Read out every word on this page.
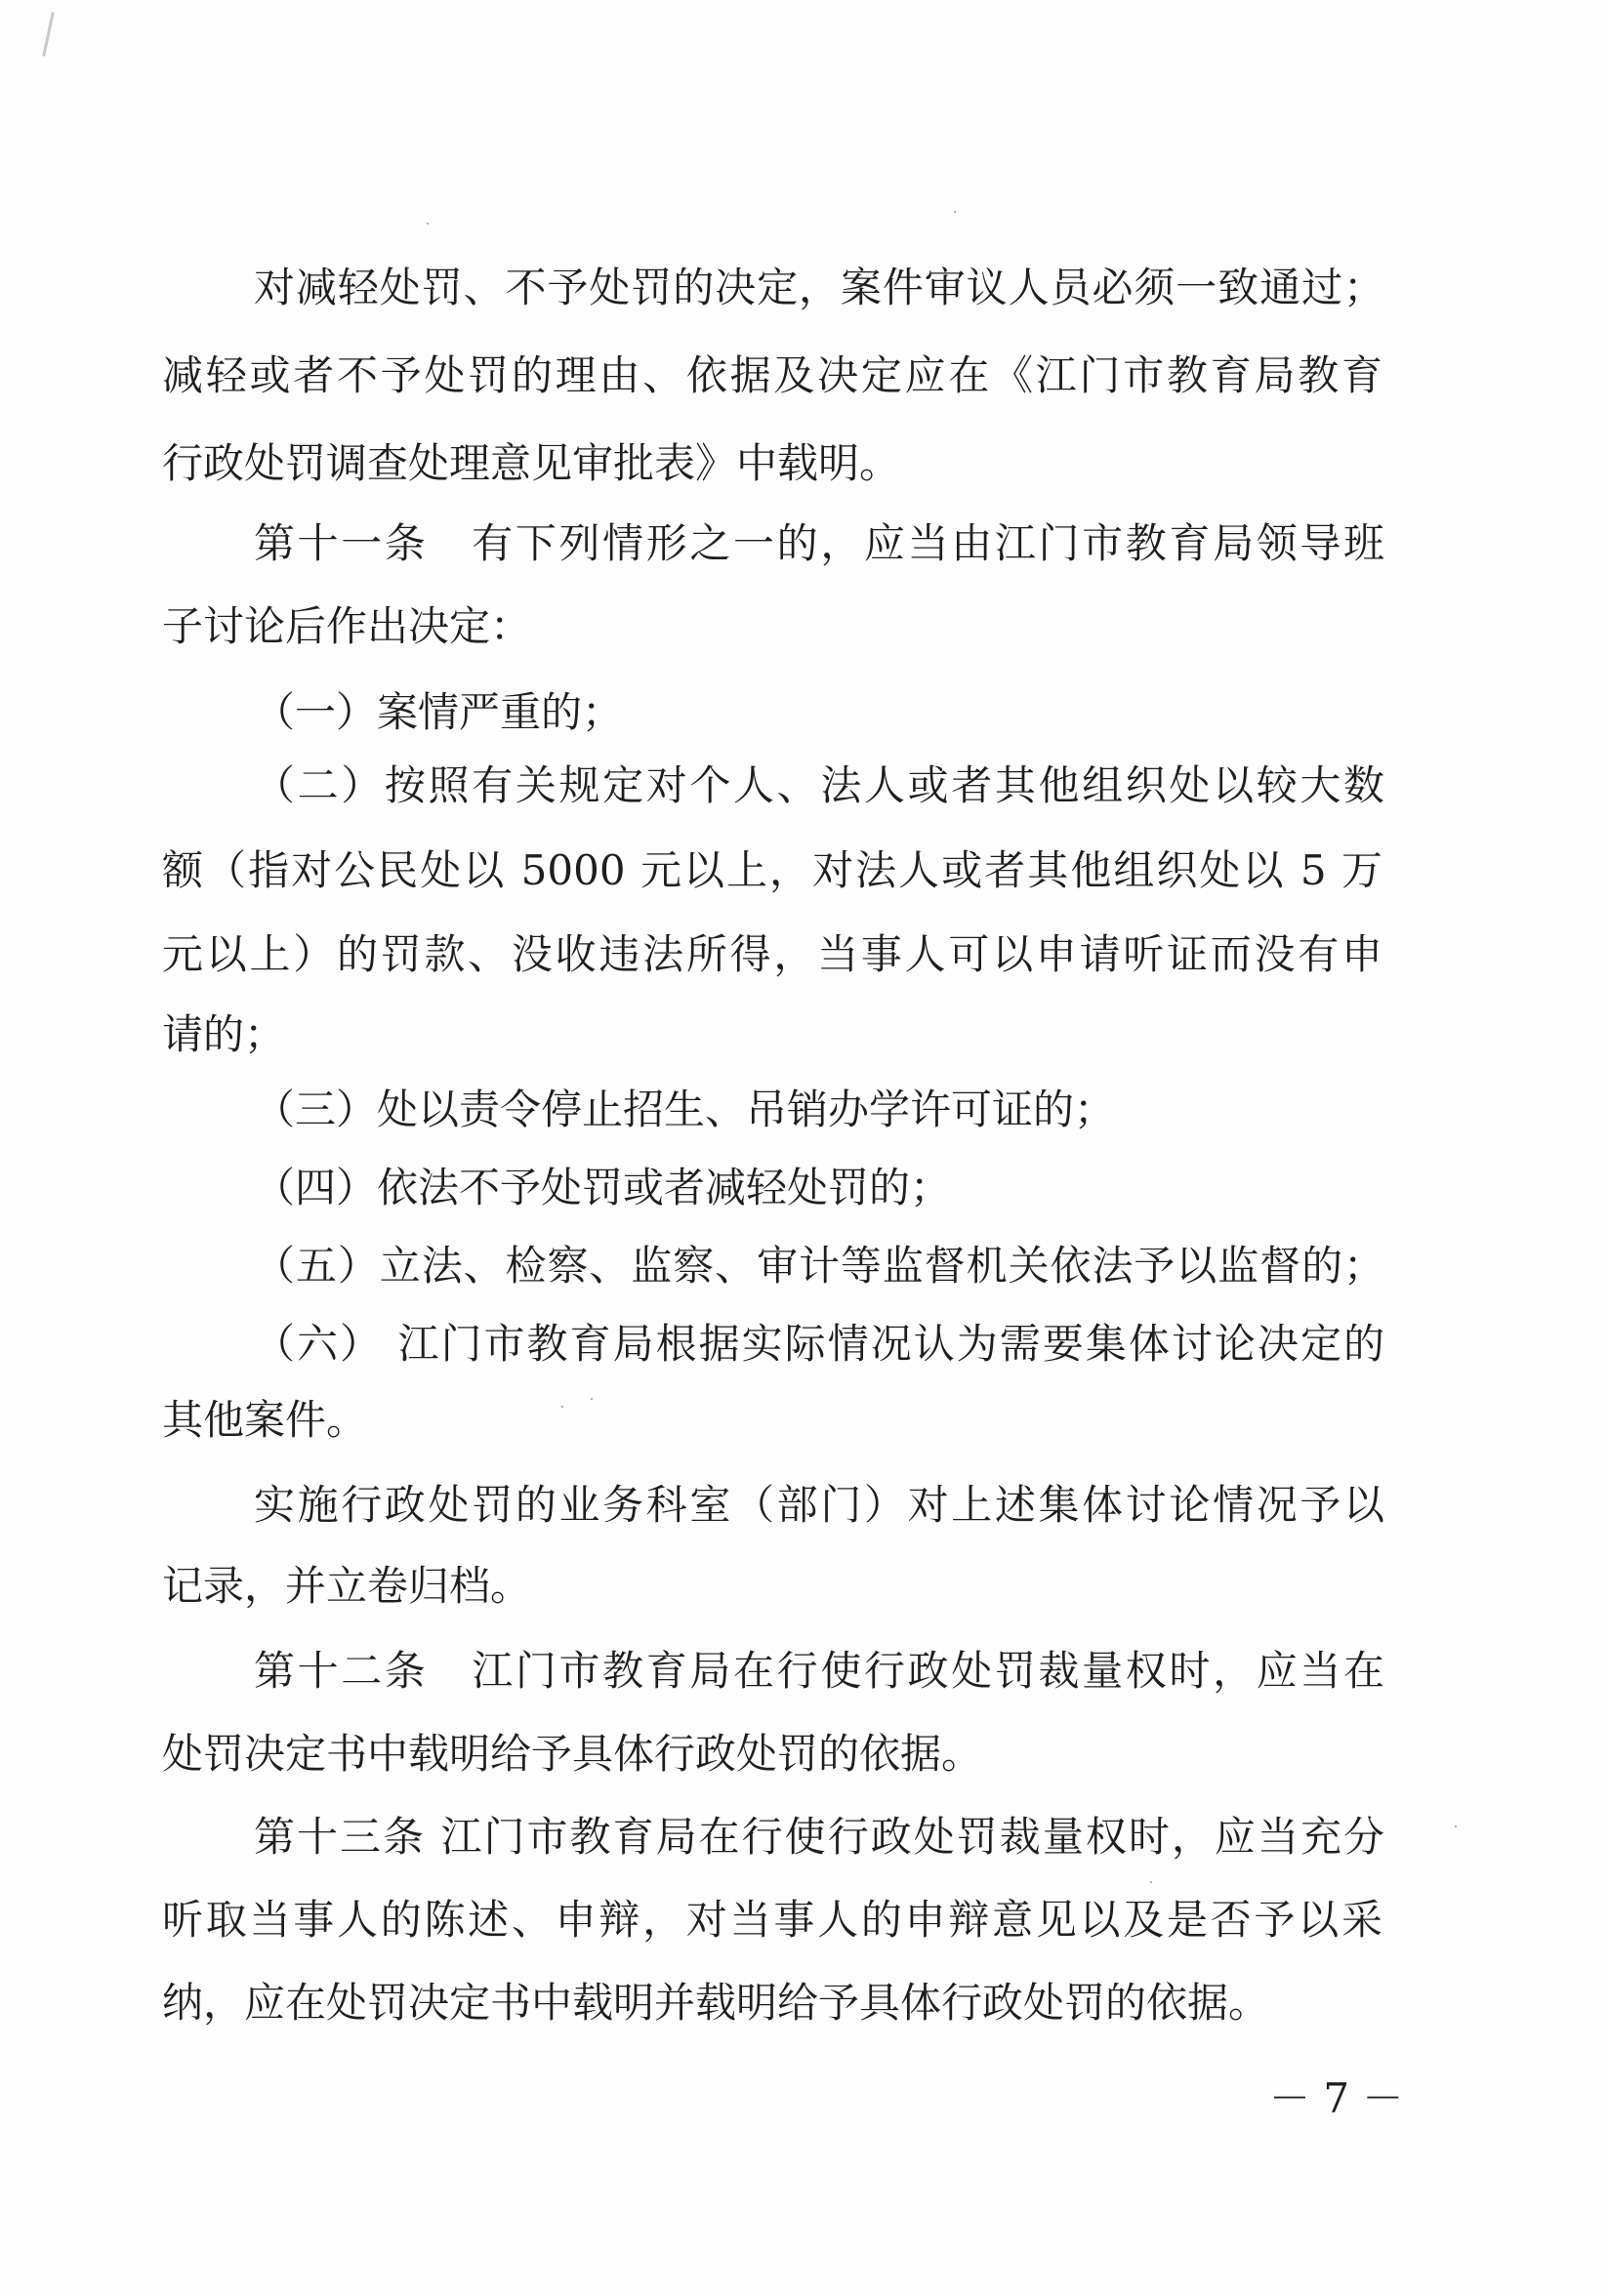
对减轻处罚、不予处罚的决定，案件审议人员必须一致通过；
减轻或者不予处罚的理由、依据及决定应在《江门市教育局教育
行政处罚调查处理意见审批表》中载明。
第十一条　有下列情形之一的，应当由江门市教育局领导班
子讨论后作出决定：
（一）案情严重的；
（二）按照有关规定对个人、法人或者其他组织处以较大数
额（指对公民处以 5000 元以上，对法人或者其他组织处以 5 万
元以上）的罚款、没收违法所得，当事人可以申请听证而没有申
请的；
（三）处以责令停止招生、吊销办学许可证的；
（四）依法不予处罚或者减轻处罚的；
（五）立法、检察、监察、审计等监督机关依法予以监督的；
（六） 江门市教育局根据实际情况认为需要集体讨论决定的
其他案件。
实施行政处罚的业务科室（部门）对上述集体讨论情况予以
记录，并立卷归档。
第十二条　江门市教育局在行使行政处罚裁量权时，应当在
处罚决定书中载明给予具体行政处罚的依据。
第十三条 江门市教育局在行使行政处罚裁量权时，应当充分
听取当事人的陈述、申辩，对当事人的申辩意见以及是否予以采
纳，应在处罚决定书中载明并载明给予具体行政处罚的依据。
－ 7 －
